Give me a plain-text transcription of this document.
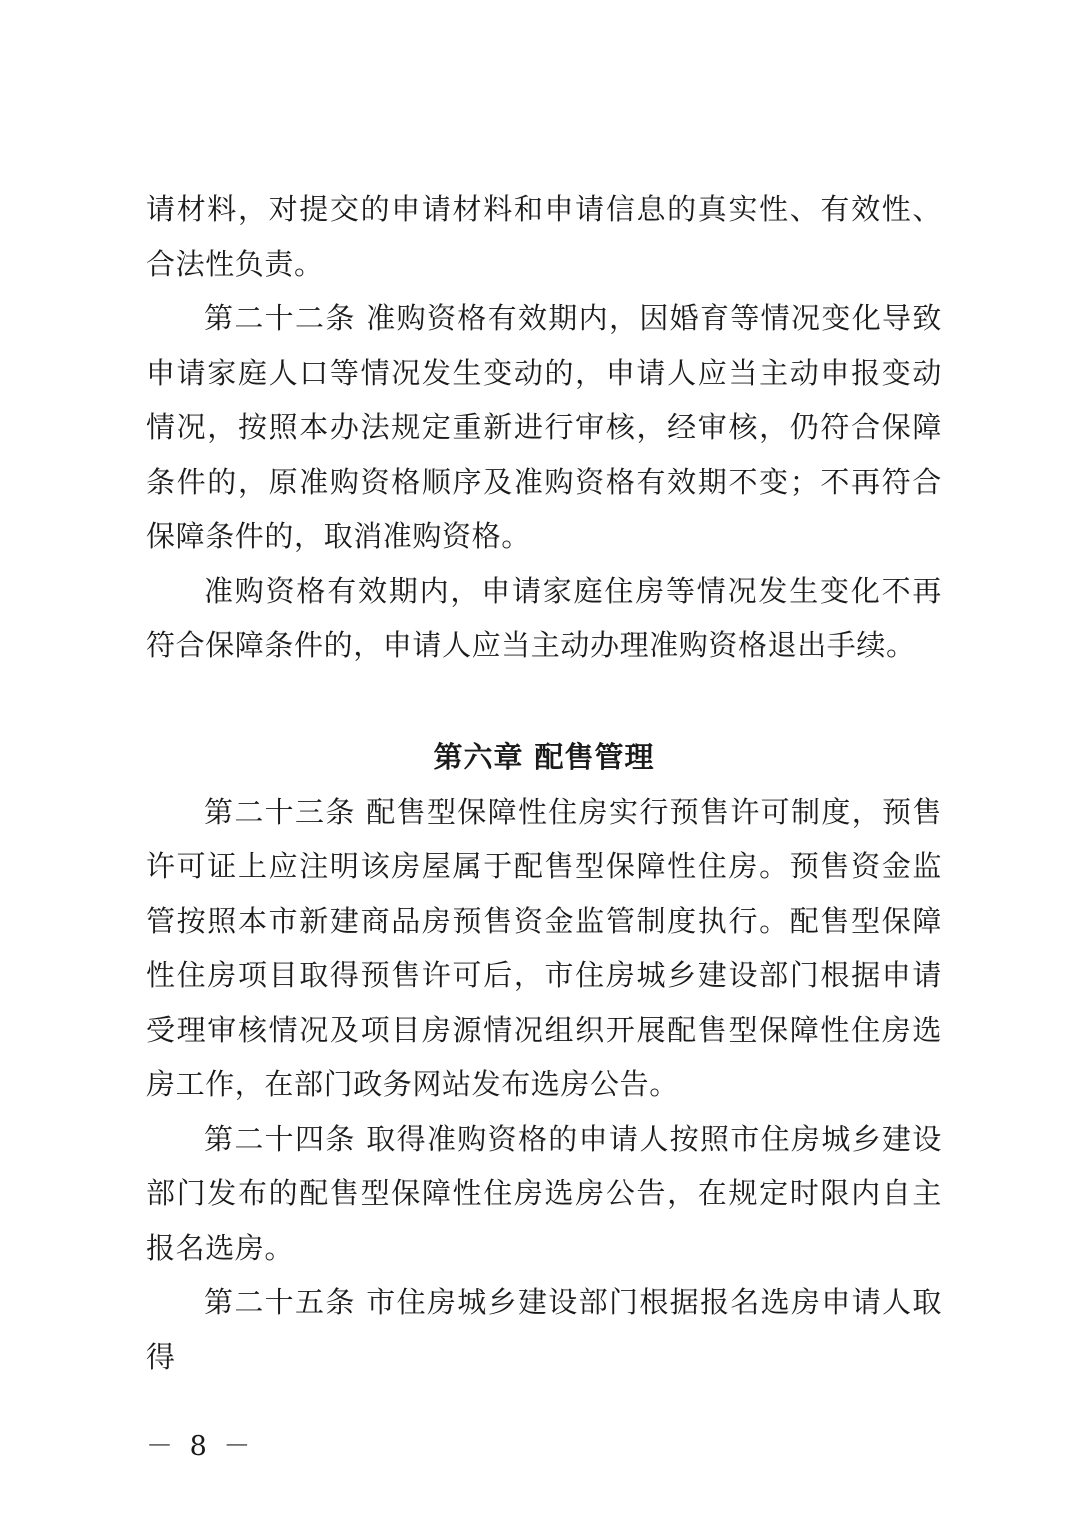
请材料，对提交的申请材料和申请信息的真实性、有效性、合法性负责。

第二十二条 准购资格有效期内，因婚育等情况变化导致申请家庭人口等情况发生变动的，申请人应当主动申报变动情况，按照本办法规定重新进行审核，经审核，仍符合保障条件的，原准购资格顺序及准购资格有效期不变；不再符合保障条件的，取消准购资格。

准购资格有效期内，申请家庭住房等情况发生变化不再符合保障条件的，申请人应当主动办理准购资格退出手续。

第六章 配售管理

第二十三条 配售型保障性住房实行预售许可制度，预售许可证上应注明该房屋属于配售型保障性住房。预售资金监管按照本市新建商品房预售资金监管制度执行。配售型保障性住房项目取得预售许可后，市住房城乡建设部门根据申请受理审核情况及项目房源情况组织开展配售型保障性住房选房工作，在部门政务网站发布选房公告。

第二十四条 取得准购资格的申请人按照市住房城乡建设部门发布的配售型保障性住房选房公告，在规定时限内自主报名选房。

第二十五条 市住房城乡建设部门根据报名选房申请人取得

－ 8 －
